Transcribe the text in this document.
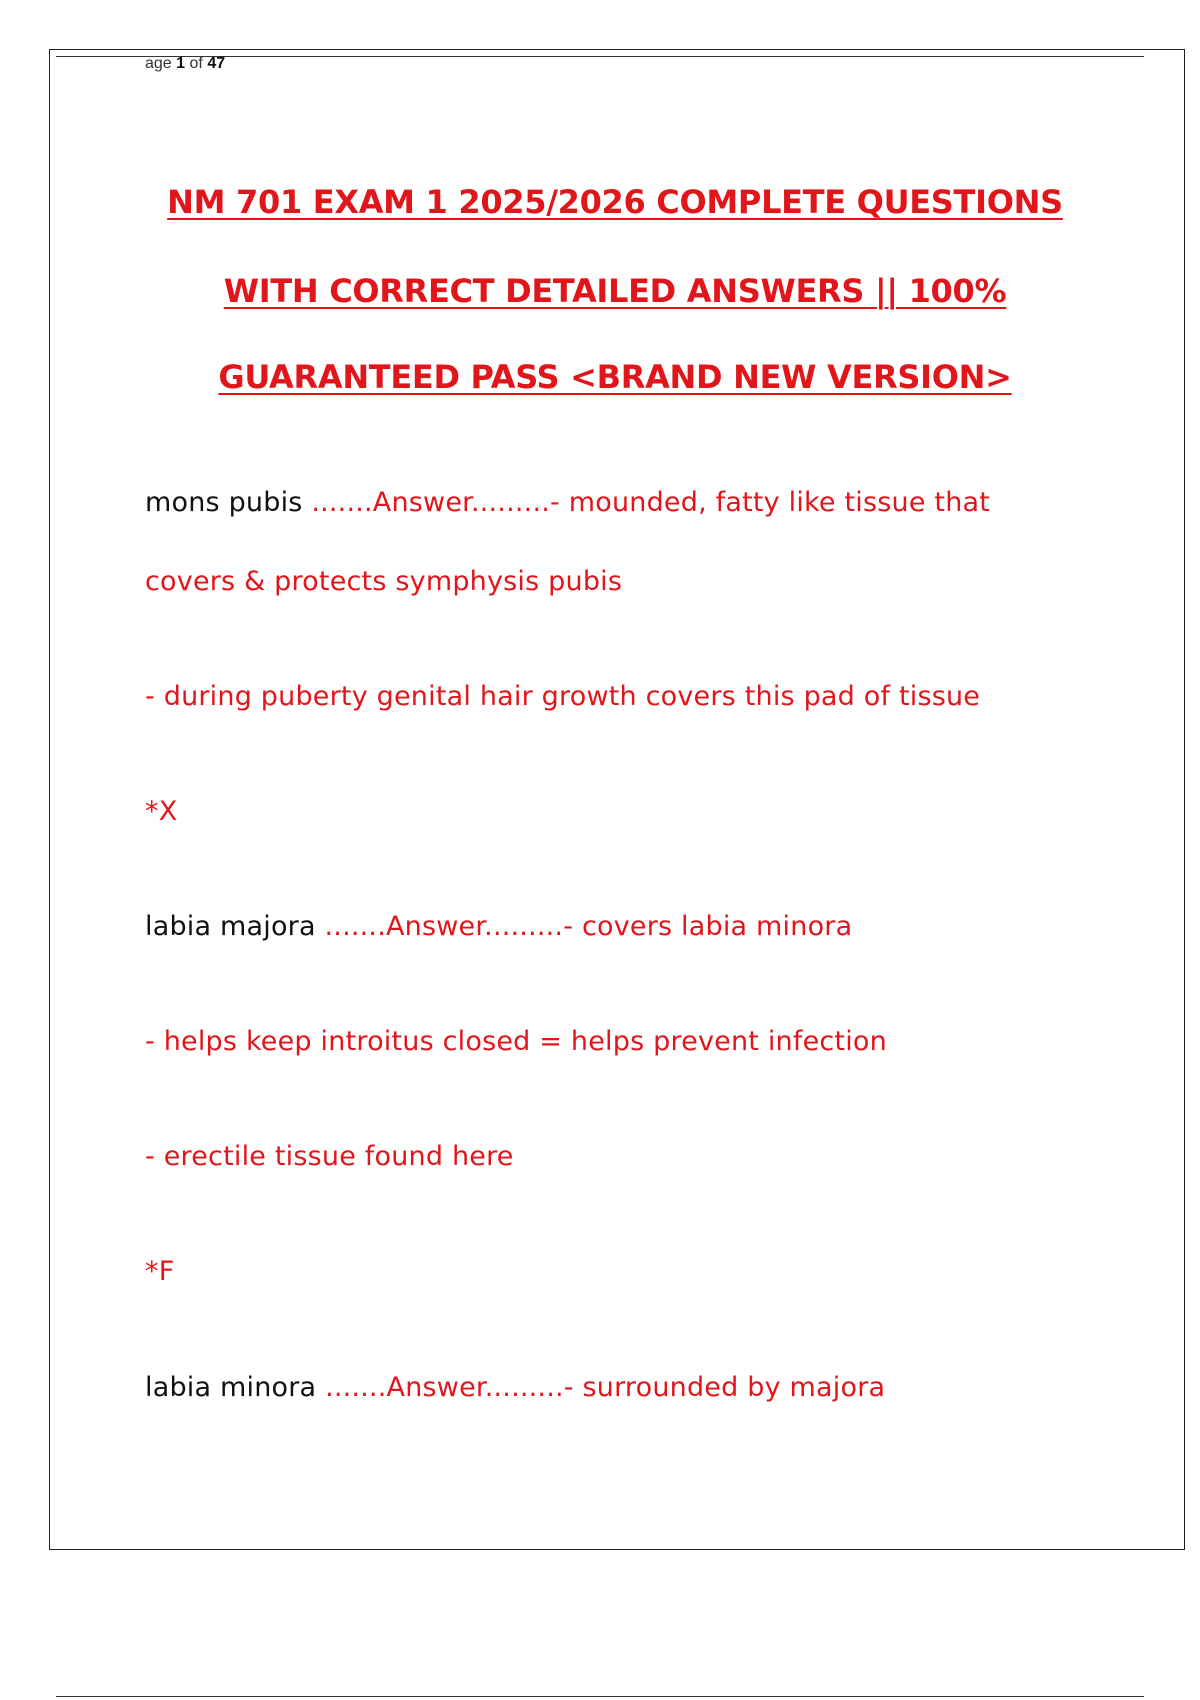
age 1 of 47
NM 701 EXAM 1 2025/2026 COMPLETE QUESTIONS
WITH CORRECT DETAILED ANSWERS || 100%
GUARANTEED PASS <BRAND NEW VERSION>
mons pubis .......Answer.........- mounded, fatty like tissue that
covers & protects symphysis pubis
- during puberty genital hair growth covers this pad of tissue
*X
labia majora .......Answer.........- covers labia minora
- helps keep introitus closed = helps prevent infection
- erectile tissue found here
*F
labia minora .......Answer.........- surrounded by majora
